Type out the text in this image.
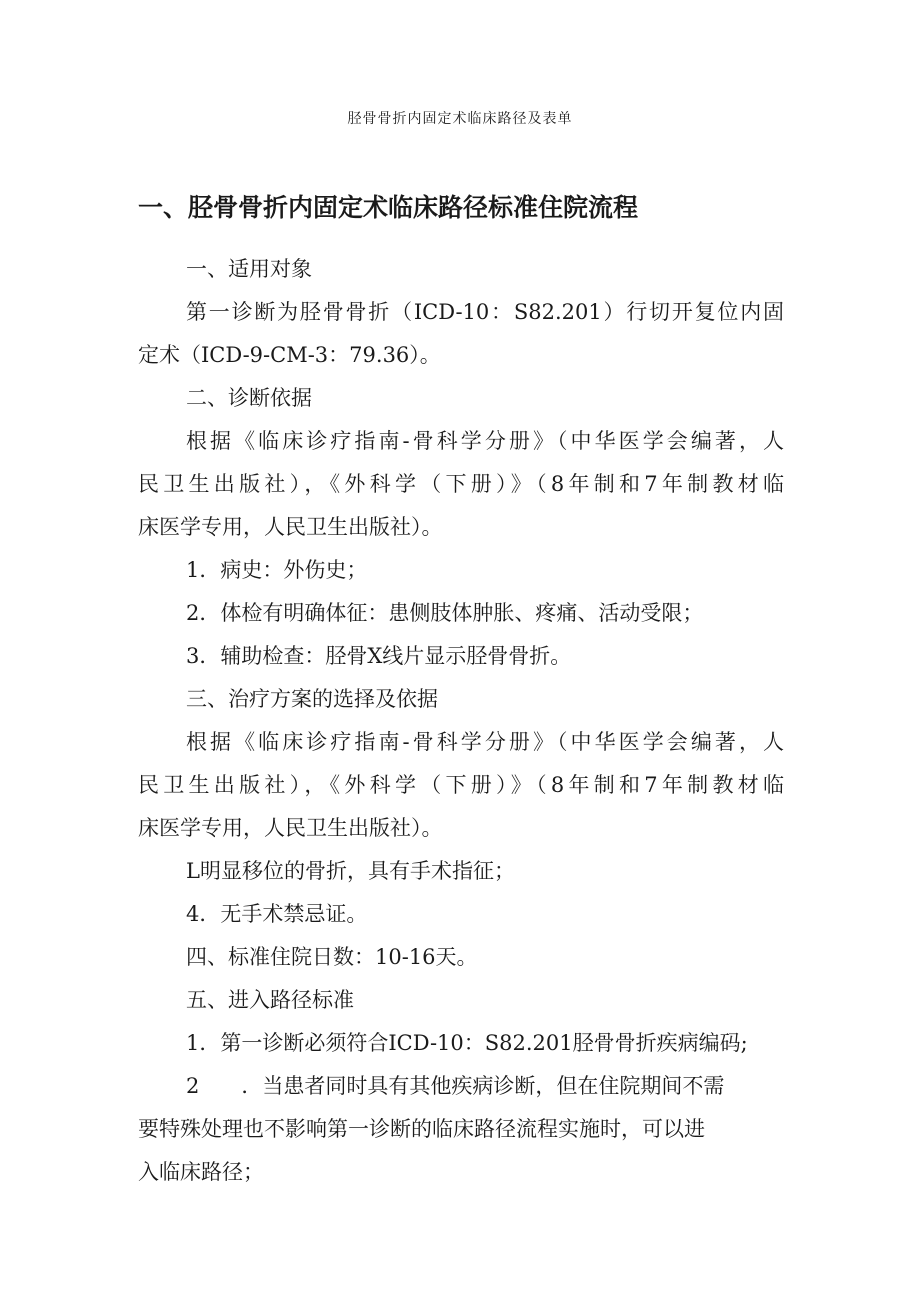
胫骨骨折内固定术临床路径及表单
一、胫骨骨折内固定术临床路径标准住院流程
一、适用对象
第一诊断为胫骨骨折（ICD-10：S82.201）行切开复位内固
定术（ICD-9-CM-3：79.36）。
二、诊断依据
根据《临床诊疗指南-骨科学分册》（中华医学会编著，人
民卫生出版社），《外科学（下册）》（8年制和7年制教材临
床医学专用，人民卫生出版社）。
1．病史：外伤史；
2．体检有明确体征：患侧肢体肿胀、疼痛、活动受限；
3．辅助检查：胫骨X线片显示胫骨骨折。
三、治疗方案的选择及依据
根据《临床诊疗指南-骨科学分册》（中华医学会编著，人
民卫生出版社），《外科学（下册）》（8年制和7年制教材临
床医学专用，人民卫生出版社）。
L明显移位的骨折，具有手术指征；
4．无手术禁忌证。
四、标准住院日数：10-16天。
五、进入路径标准
1．第一诊断必须符合ICD-10：S82.201胫骨骨折疾病编码;
2　　．当患者同时具有其他疾病诊断，但在住院期间不需
要特殊处理也不影响第一诊断的临床路径流程实施时，可以进
入临床路径；
